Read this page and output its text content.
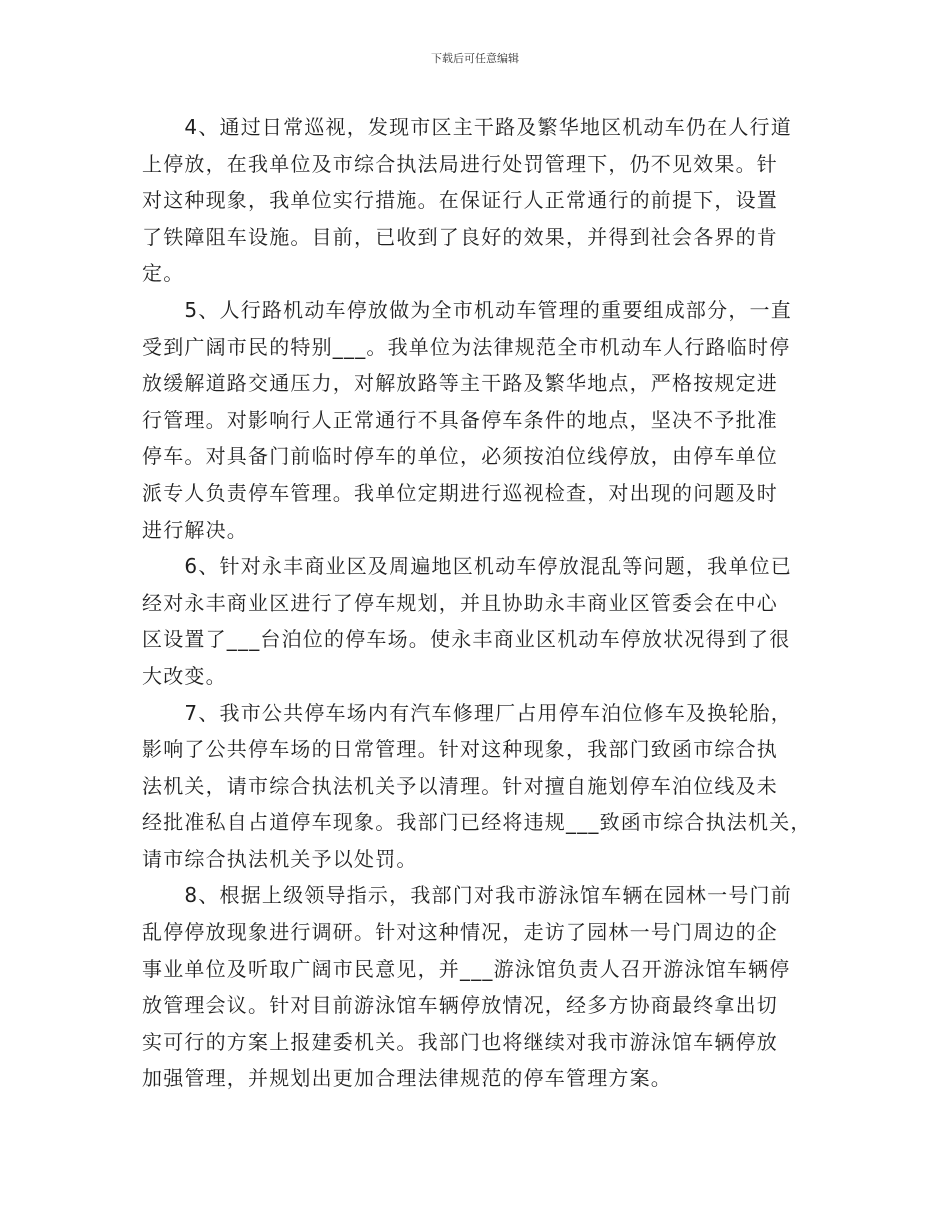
下载后可任意编辑

　　4、通过日常巡视，发现市区主干路及繁华地区机动车仍在人行道
上停放，在我单位及市综合执法局进行处罚管理下，仍不见效果。针
对这种现象，我单位实行措施。在保证行人正常通行的前提下，设置
了铁障阻车设施。目前，已收到了良好的效果，并得到社会各界的肯
定。

　　5、人行路机动车停放做为全市机动车管理的重要组成部分，一直
受到广阔市民的特别___。我单位为法律规范全市机动车人行路临时停
放缓解道路交通压力，对解放路等主干路及繁华地点，严格按规定进
行管理。对影响行人正常通行不具备停车条件的地点，坚决不予批准
停车。对具备门前临时停车的单位，必须按泊位线停放，由停车单位
派专人负责停车管理。我单位定期进行巡视检查，对出现的问题及时
进行解决。

　　6、针对永丰商业区及周遍地区机动车停放混乱等问题，我单位已
经对永丰商业区进行了停车规划，并且协助永丰商业区管委会在中心
区设置了___台泊位的停车场。使永丰商业区机动车停放状况得到了很
大改变。

　　7、我市公共停车场内有汽车修理厂占用停车泊位修车及换轮胎，
影响了公共停车场的日常管理。针对这种现象，我部门致函市综合执
法机关，请市综合执法机关予以清理。针对擅自施划停车泊位线及未
经批准私自占道停车现象。我部门已经将违规___致函市综合执法机关，
请市综合执法机关予以处罚。

　　8、根据上级领导指示，我部门对我市游泳馆车辆在园林一号门前
乱停停放现象进行调研。针对这种情况，走访了园林一号门周边的企
事业单位及听取广阔市民意见，并___游泳馆负责人召开游泳馆车辆停
放管理会议。针对目前游泳馆车辆停放情况，经多方协商最终拿出切
实可行的方案上报建委机关。我部门也将继续对我市游泳馆车辆停放
加强管理，并规划出更加合理法律规范的停车管理方案。
